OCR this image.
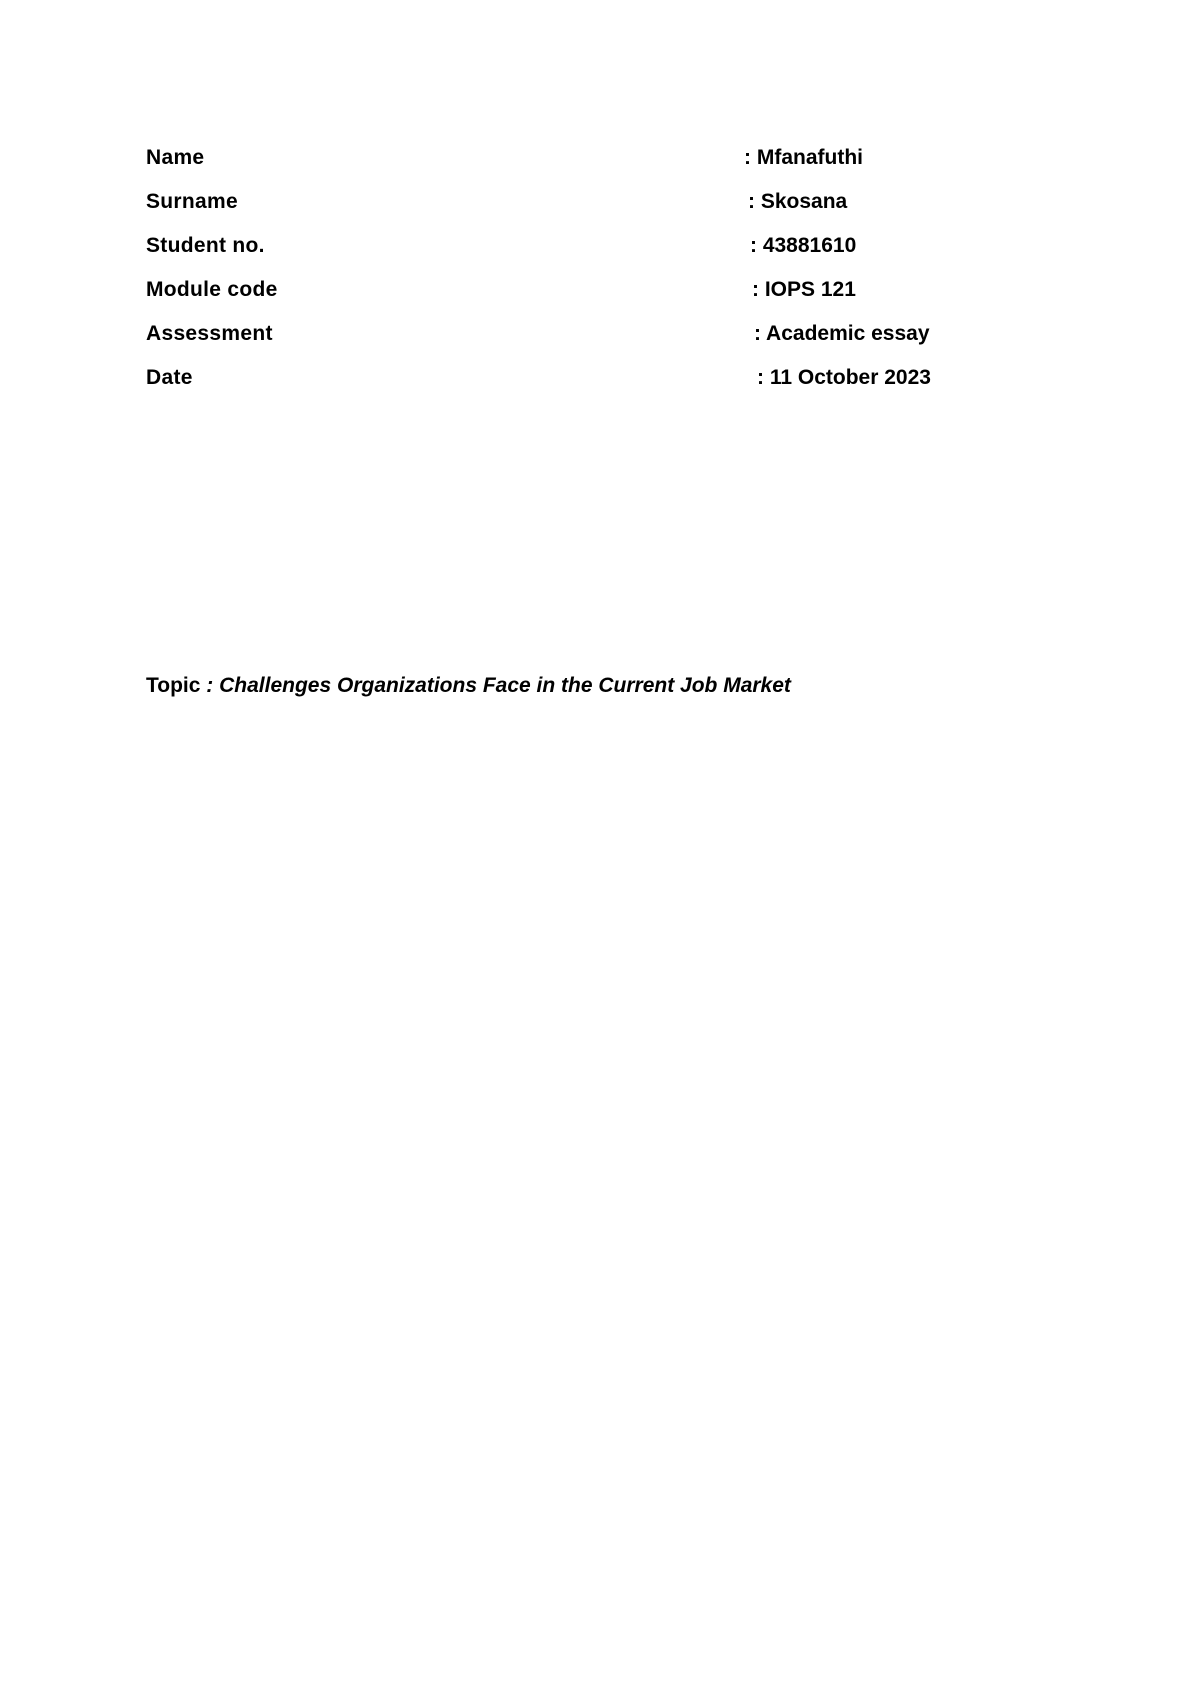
Name	: Mfanafuthi
Surname	: Skosana
Student no.	: 43881610
Module code	: IOPS 121
Assessment	: Academic essay
Date	: 11 October 2023
Topic : Challenges Organizations Face in the Current Job Market
